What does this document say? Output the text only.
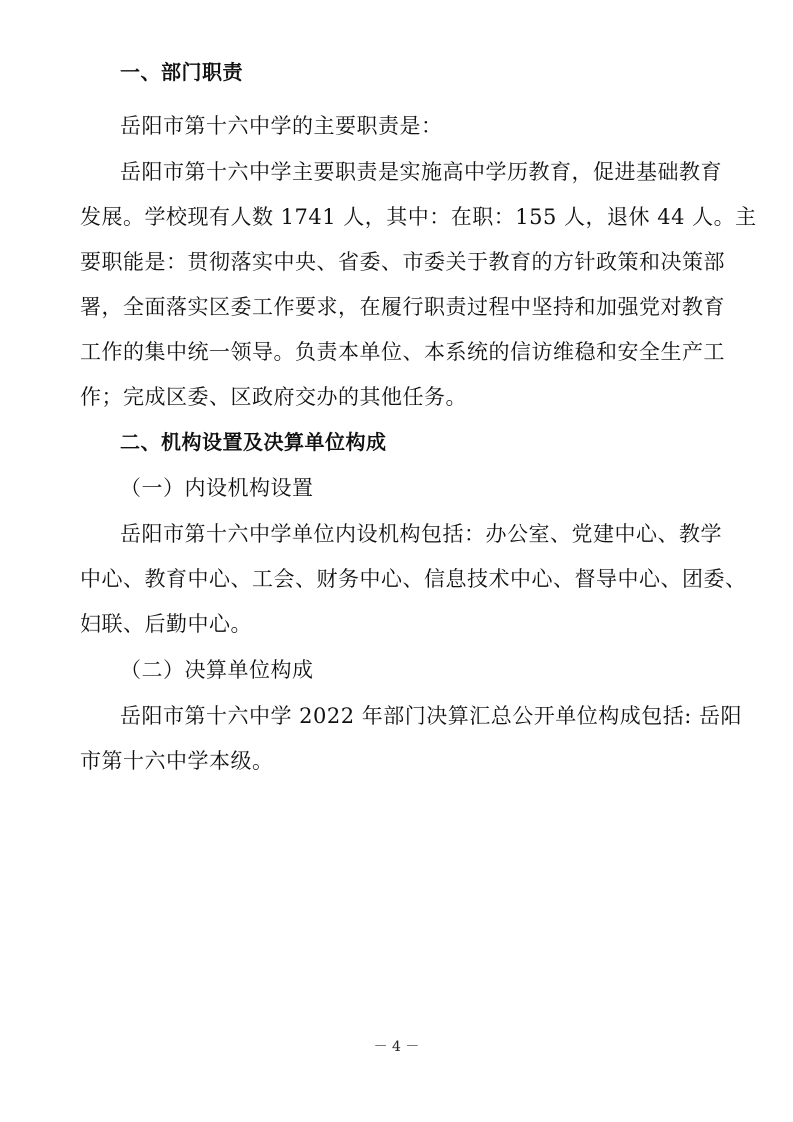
一、部门职责
岳阳市第十六中学的主要职责是：
岳阳市第十六中学主要职责是实施高中学历教育，促进基础教育
发展。学校现有人数 1741 人，其中：在职：155 人，退休 44 人。主
要职能是：贯彻落实中央、省委、市委关于教育的方针政策和决策部
署，全面落实区委工作要求，在履行职责过程中坚持和加强党对教育
工作的集中统一领导。负责本单位、本系统的信访维稳和安全生产工
作；完成区委、区政府交办的其他任务。
二、机构设置及决算单位构成
（一）内设机构设置
岳阳市第十六中学单位内设机构包括：办公室、党建中心、教学
中心、教育中心、工会、财务中心、信息技术中心、督导中心、团委、
妇联、后勤中心。
（二）决算单位构成
岳阳市第十六中学 2022 年部门决算汇总公开单位构成包括: 岳阳
市第十六中学本级。
－ 4 －
